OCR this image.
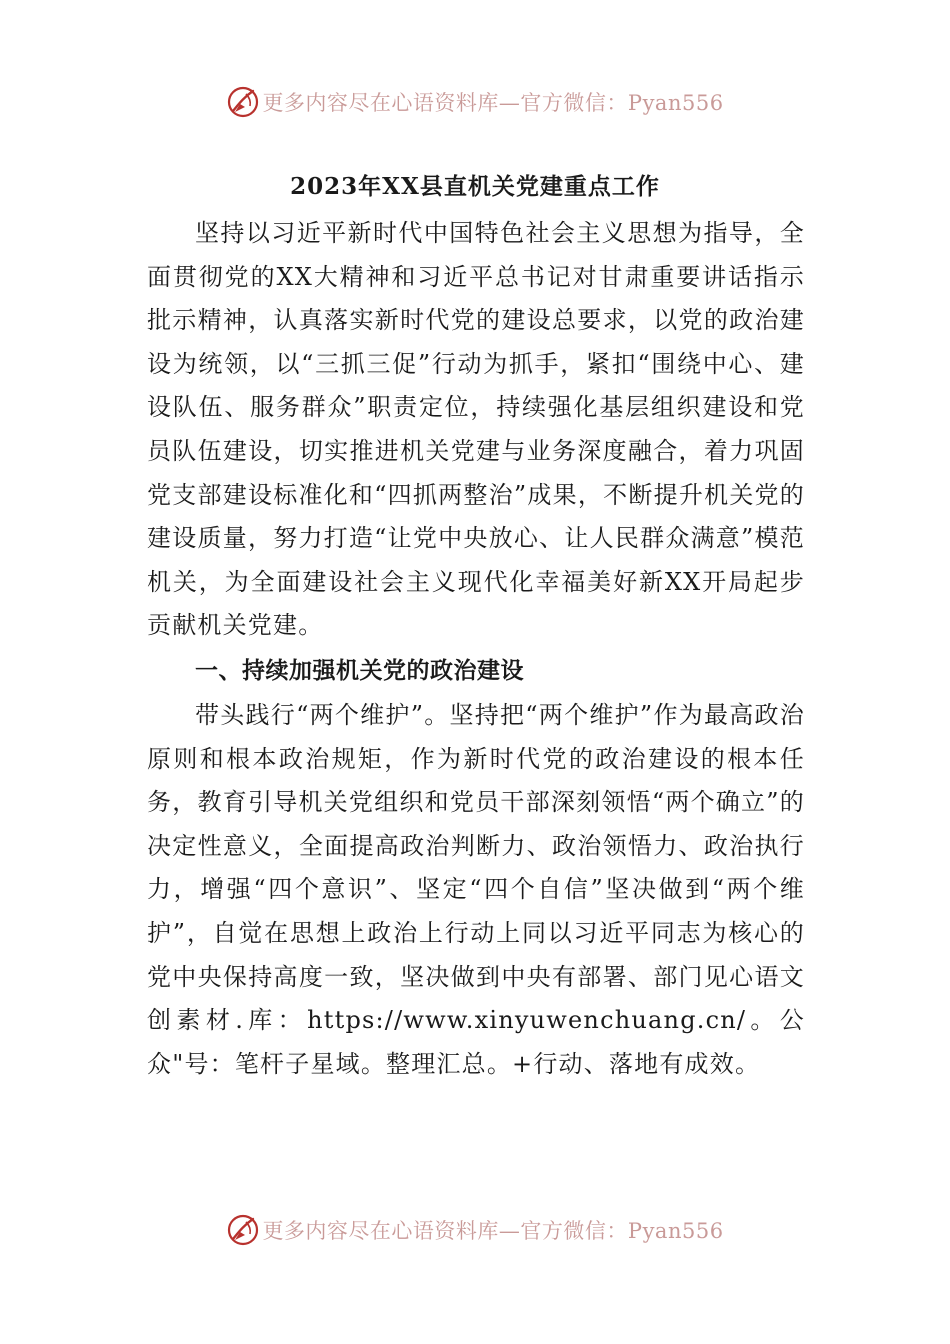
更多内容尽在心语资料库—官方微信：Pyan556
2023年XX县直机关党建重点工作

坚持以习近平新时代中国特色社会主义思想为指导，全面贯彻党的XX大精神和习近平总书记对甘肃重要讲话指示批示精神，认真落实新时代党的建设总要求，以党的政治建设为统领，以“三抓三促”行动为抓手，紧扣“围绕中心、建设队伍、服务群众”职责定位，持续强化基层组织建设和党员队伍建设，切实推进机关党建与业务深度融合，着力巩固党支部建设标准化和“四抓两整治”成果，不断提升机关党的建设质量，努力打造“让党中央放心、让人民群众满意”模范机关，为全面建设社会主义现代化幸福美好新XX开局起步贡献机关党建。

一、持续加强机关党的政治建设

带头践行“两个维护”。坚持把“两个维护”作为最高政治原则和根本政治规矩，作为新时代党的政治建设的根本任务，教育引导机关党组织和党员干部深刻领悟“两个确立”的决定性意义，全面提高政治判断力、政治领悟力、政治执行力，增强“四个意识”、坚定“四个自信”坚决做到“两个维护”，自觉在思想上政治上行动上同以习近平同志为核心的党中央保持高度一致，坚决做到中央有部署、部门见心语文创素材.库：https://www.xinyuwenchuang.cn/。公众"号：笔杆子星域。整理汇总。+行动、落地有成效。

更多内容尽在心语资料库—官方微信：Pyan556
